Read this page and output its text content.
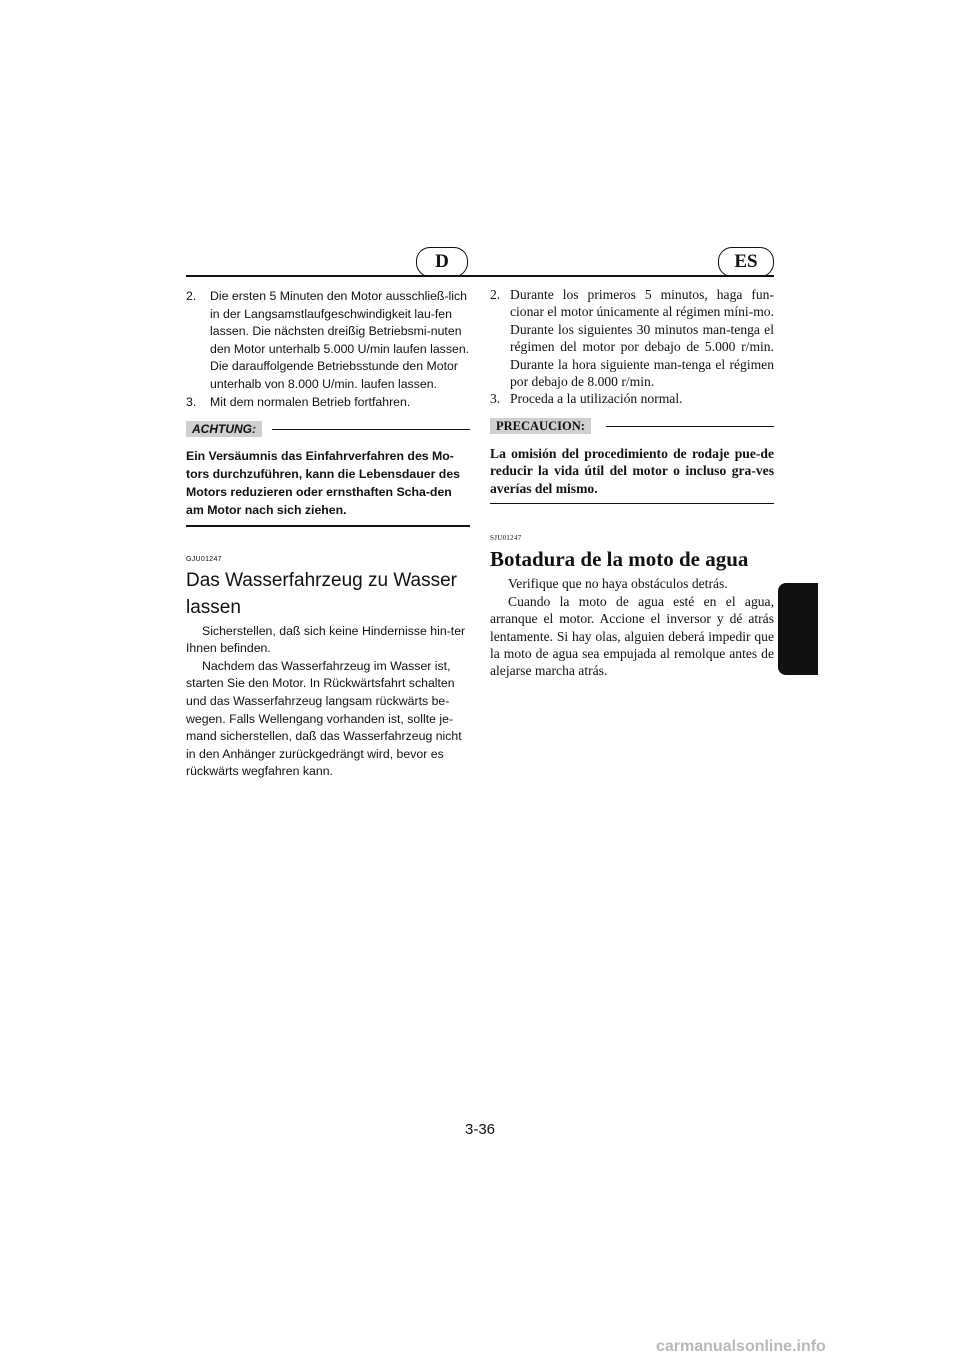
D	ES

2. Die ersten 5 Minuten den Motor ausschließ-lich in der Langsamstlaufgeschwindigkeit lau-fen lassen. Die nächsten dreißig Betriebsmi-nuten den Motor unterhalb 5.000 U/min laufen lassen. Die darauffolgende Betriebsstunde den Motor unterhalb von 8.000 U/min. laufen lassen.

3. Mit dem normalen Betrieb fortfahren.

ACHTUNG:
Ein Versäumnis das Einfahrverfahren des Mo-tors durchzuführen, kann die Lebensdauer des Motors reduzieren oder ernsthaften Scha-den am Motor nach sich ziehen.
GJU01247
Das Wasserfahrzeug zu Wasser lassen

Sicherstellen, daß sich keine Hindernisse hin-ter Ihnen befinden.

Nachdem das Wasserfahrzeug im Wasser ist, starten Sie den Motor. In Rückwärtsfahrt schalten und das Wasserfahrzeug langsam rückwärts be-wegen. Falls Wellengang vorhanden ist, sollte je-mand sicherstellen, daß das Wasserfahrzeug nicht in den Anhänger zurückgedrängt wird, bevor es rückwärts wegfahren kann.

2. Durante los primeros 5 minutos, haga fun-cionar el motor únicamente al régimen míni-mo. Durante los siguientes 30 minutos man-tenga el régimen del motor por debajo de 5.000 r/min. Durante la hora siguiente man-tenga el régimen por debajo de 8.000 r/min.

3. Proceda a la utilización normal.

PRECAUCION:
La omisión del procedimiento de rodaje pue-de reducir la vida útil del motor o incluso gra-ves averías del mismo.
SJU01247
Botadura de la moto de agua

Verifique que no haya obstáculos detrás.

Cuando la moto de agua esté en el agua, arranque el motor. Accione el inversor y dé atrás lentamente. Si hay olas, alguien deberá impedir que la moto de agua sea empujada al remolque antes de alejarse marcha atrás.

3-36
carmanualsonline.info
